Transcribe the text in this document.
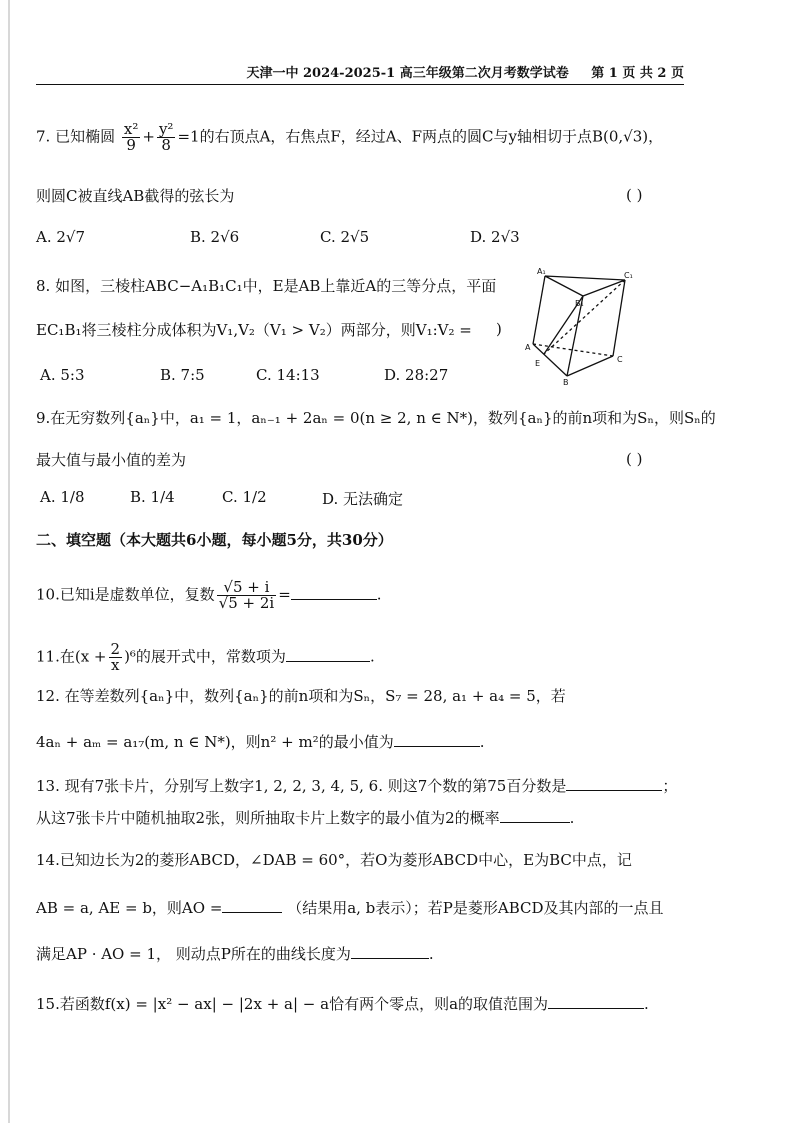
天津一中 2024-2025-1 高三年级第二次月考数学试卷 第 1 页 共 2 页
7. 已知椭圆 $\frac{\text{x²}}{9} + \frac{\text{y²}}{8} =1$的右顶点A，右焦点F，经过A、F两点的圆C与y轴相切于点B(0,√3)，
则圆C被直线AB截得的弦长为	( )
A. 2√7	B. 2√6	C. 2√5	D. 2√3
8. 如图，三棱柱ABC−A₁B₁C₁中，E是AB上靠近A的三等分点，平面
EC₁B₁将三棱柱分成体积为V₁,V₂（V₁ > V₂）两部分，则V₁:V₂ = )
A. 5:3	B. 7:5	C. 14:13	D. 28:27
A₁
B₁
C₁
A
E
B
C
9.在无穷数列{aₙ}中，a₁ = 1，aₙ₋₁ + 2aₙ = 0(n ≥ 2, n ∈ N*)，数列{aₙ}的前n项和为Sₙ，则Sₙ的
最大值与最小值的差为	( )
A. 1/8	B. 1/4	C. 1/2	D. 无法确定
二、填空题（本大题共6小题，每小题5分，共30分）
10.已知i是虚数单位，复数 $\frac{√5 + i}{√5 + 2i}$ =	.
11.在$(x + \frac{2}{x} )^6$的展开式中，常数项为	.
12. 在等差数列{aₙ}中，数列{aₙ}的前n项和为Sₙ，S₇ = 28, a₁ + a₄ = 5，若
4aₙ + aₘ = a₁₇(m, n ∈ N*)，则n² + m²的最小值为	.
13. 现有7张卡片，分别写上数字1, 2, 2, 3, 4, 5, 6. 则这7个数的第75百分数是	；
从这7张卡片中随机抽取2张，则所抽取卡片上数字的最小值为2的概率	.
14.已知边长为2的菱形ABCD，∠DAB = 60°，若O为菱形ABCD中心，E为BC中点，记
AB = a, AE = b，则AO =	（结果用a, b表示）；若P是菱形ABCD及其内部的一点且
满足AP · AO = 1， 则动点P所在的曲线长度为	.
15.若函数f(x) = |x² − ax| − |2x + a| − a恰有两个零点，则a的取值范围为	.
